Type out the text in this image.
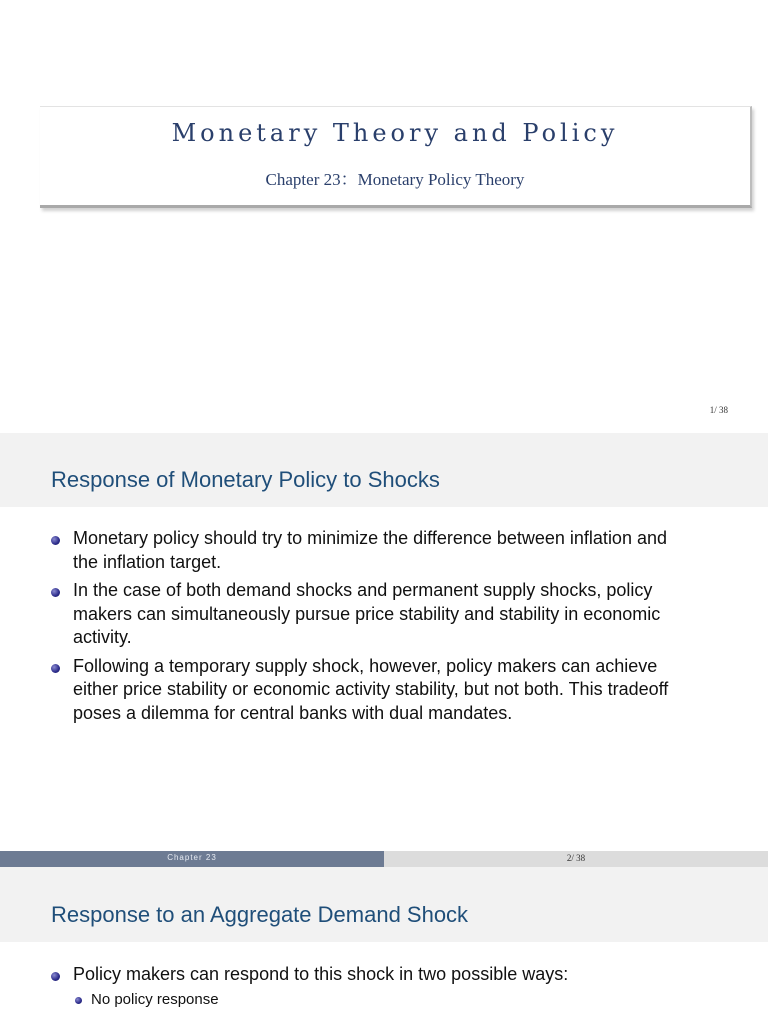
Monetary Theory and Policy
Chapter 23：Monetary Policy Theory
1/ 38
Response of Monetary Policy to Shocks
Monetary policy should try to minimize the difference between inflation and the inflation target.
In the case of both demand shocks and permanent supply shocks, policy makers can simultaneously pursue price stability and stability in economic activity.
Following a temporary supply shock, however, policy makers can achieve either price stability or economic activity stability, but not both. This tradeoff poses a dilemma for central banks with dual mandates.
Chapter 23	2/ 38
Response to an Aggregate Demand Shock
Policy makers can respond to this shock in two possible ways:
No policy response
